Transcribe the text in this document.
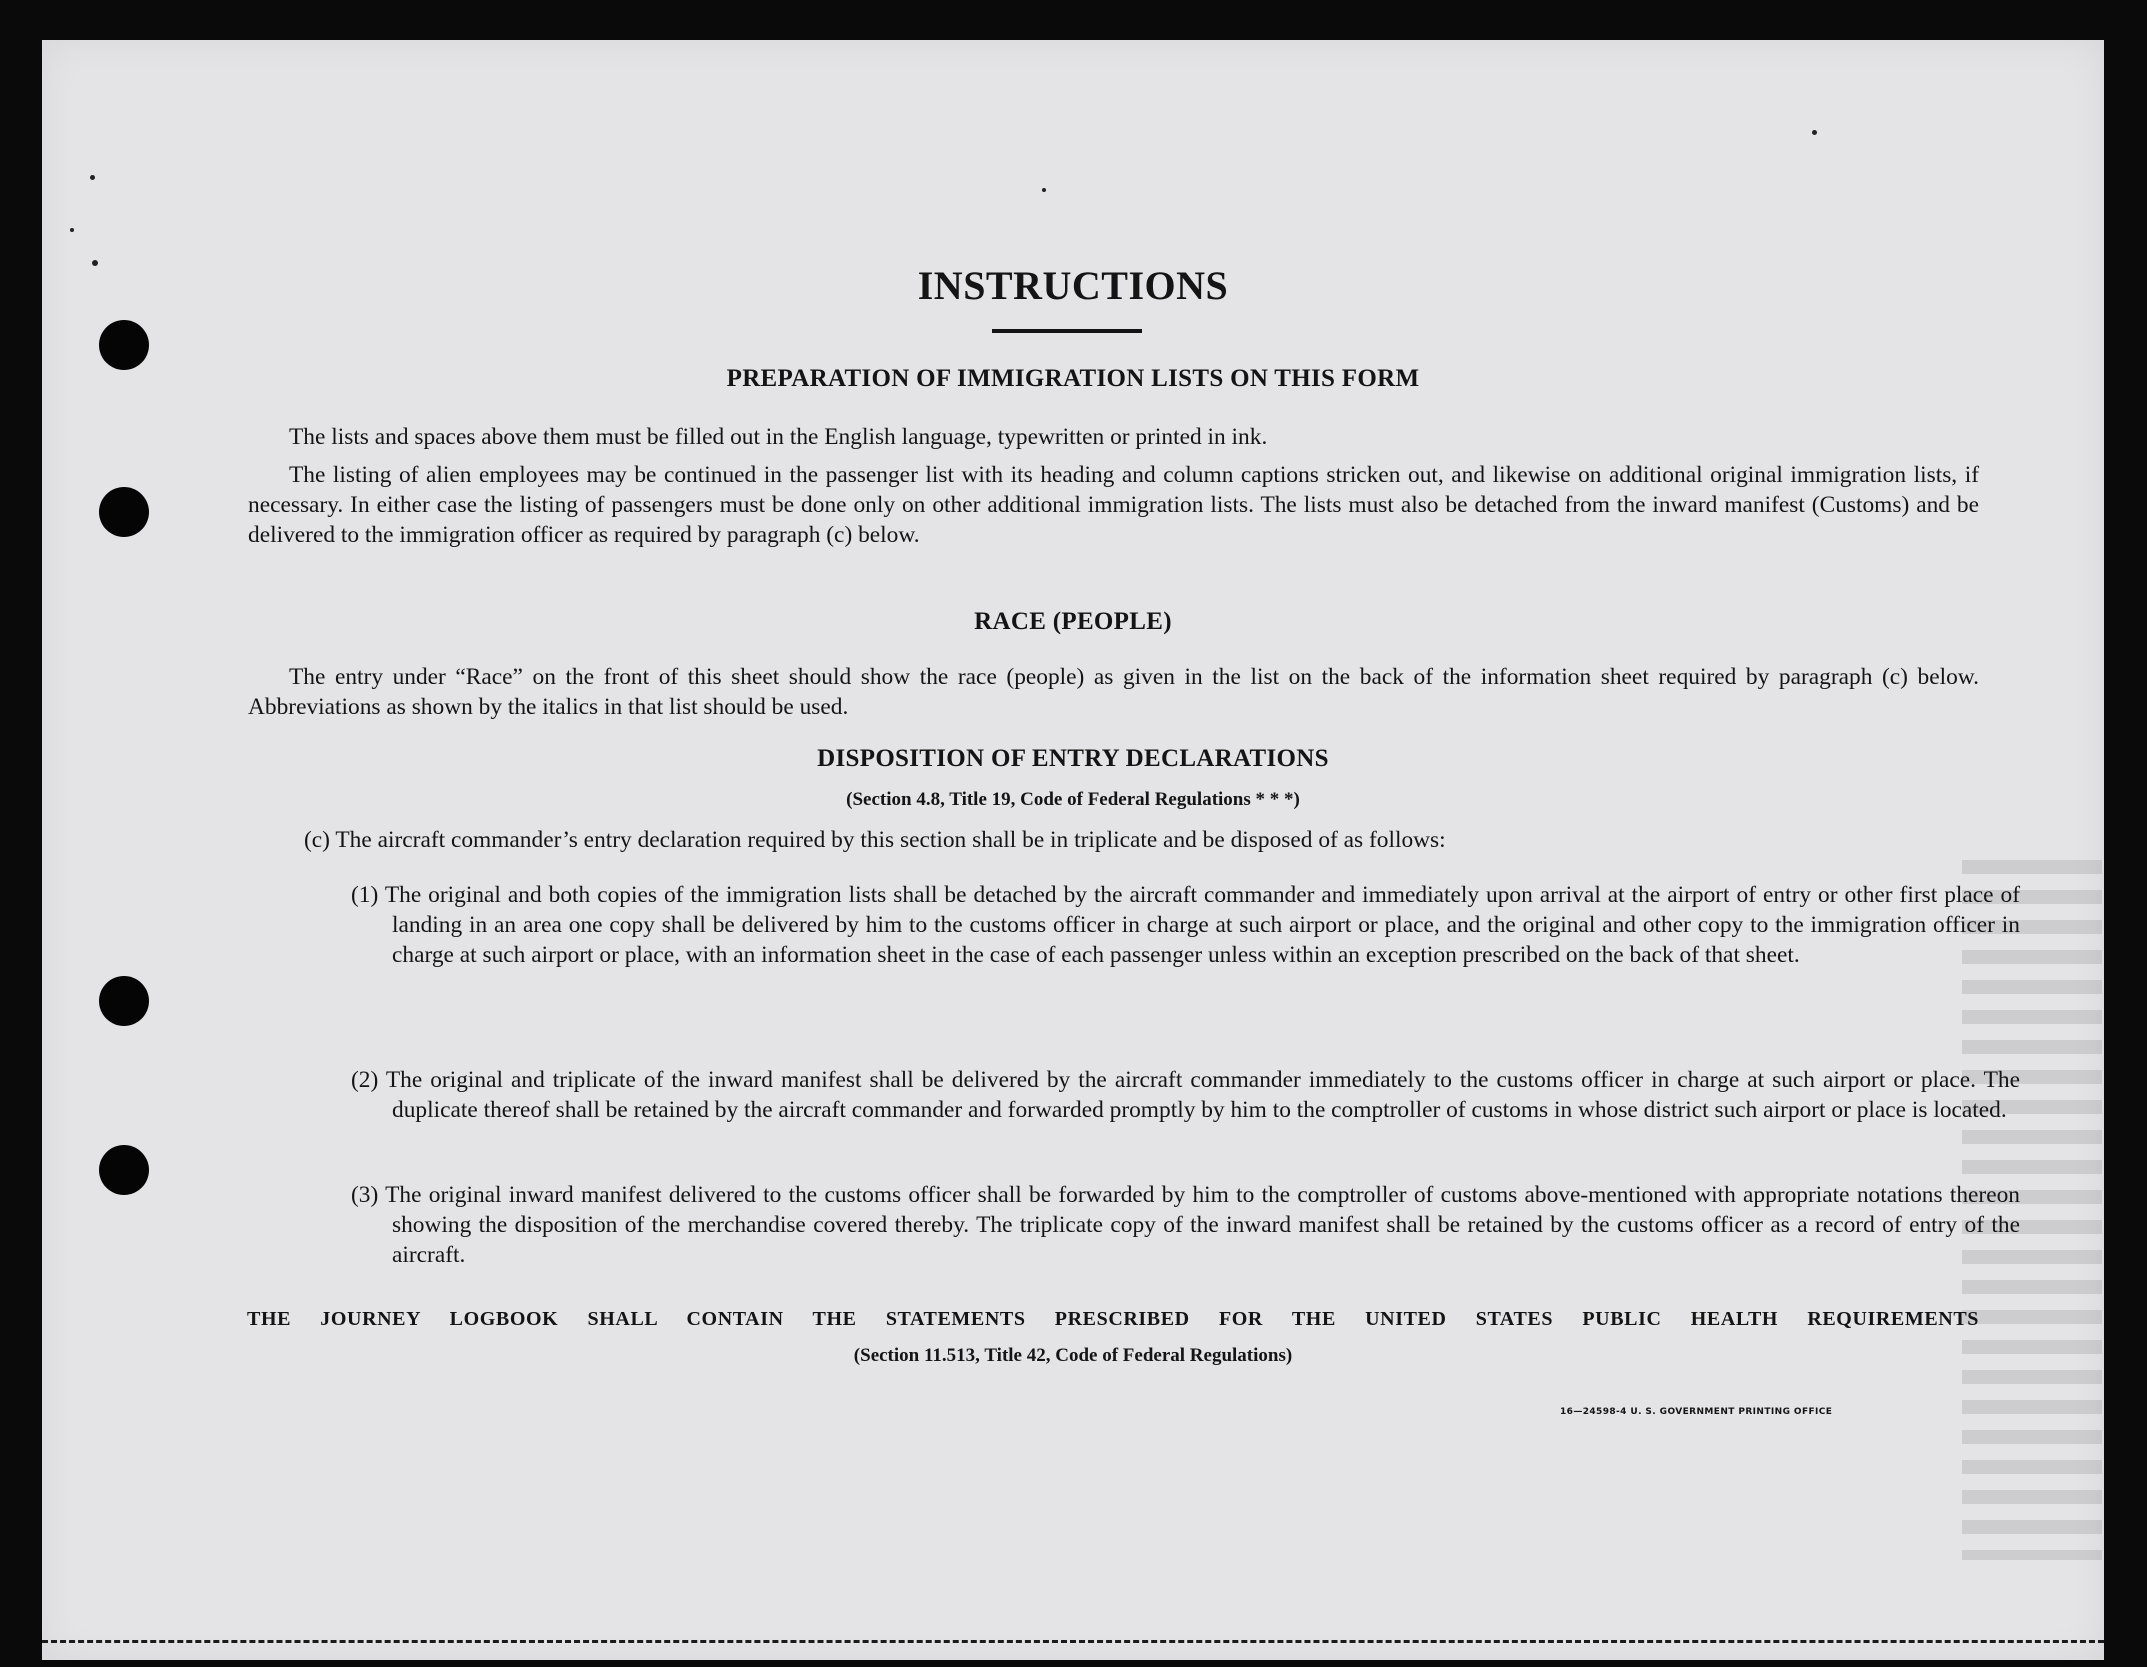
INSTRUCTIONS
PREPARATION OF IMMIGRATION LISTS ON THIS FORM
The lists and spaces above them must be filled out in the English language, typewritten or printed in ink.
The listing of alien employees may be continued in the passenger list with its heading and column captions stricken out, and likewise on additional original immigration lists, if necessary. In either case the listing of passengers must be done only on other additional immigration lists. The lists must also be detached from the inward manifest (Customs) and be delivered to the immigration officer as required by paragraph (c) below.
RACE (PEOPLE)
The entry under “Race” on the front of this sheet should show the race (people) as given in the list on the back of the information sheet required by paragraph (c) below. Abbreviations as shown by the italics in that list should be used.
DISPOSITION OF ENTRY DECLARATIONS
(Section 4.8, Title 19, Code of Federal Regulations * * *)
(c) The aircraft commander’s entry declaration required by this section shall be in triplicate and be disposed of as follows:
(1) The original and both copies of the immigration lists shall be detached by the aircraft commander and immediately upon arrival at the airport of entry or other first place of landing in an area one copy shall be delivered by him to the customs officer in charge at such airport or place, and the original and other copy to the immigration officer in charge at such airport or place, with an information sheet in the case of each passenger unless within an exception prescribed on the back of that sheet.
(2) The original and triplicate of the inward manifest shall be delivered by the aircraft commander immediately to the customs officer in charge at such airport or place. The duplicate thereof shall be retained by the aircraft commander and forwarded promptly by him to the comptroller of customs in whose district such airport or place is located.
(3) The original inward manifest delivered to the customs officer shall be forwarded by him to the comptroller of customs above-mentioned with appropriate notations thereon showing the disposition of the merchandise covered thereby. The triplicate copy of the inward manifest shall be retained by the customs officer as a record of entry of the aircraft.
THE JOURNEY LOGBOOK SHALL CONTAIN THE STATEMENTS PRESCRIBED FOR THE UNITED STATES PUBLIC HEALTH REQUIREMENTS
(Section 11.513, Title 42, Code of Federal Regulations)
16—24598-4 U. S. GOVERNMENT PRINTING OFFICE
